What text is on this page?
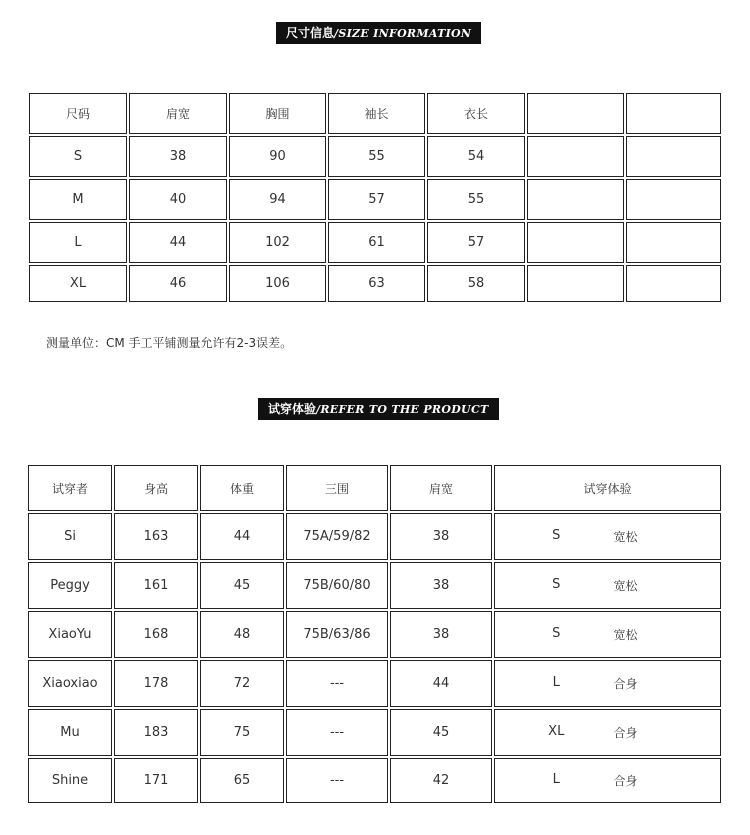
尺寸信息/SIZE INFORMATION
尺码	肩宽	胸围	袖长	衣长
S	38	90	55	54
M	40	94	57	55
L	44	102	61	57
XL	46	106	63	58
测量单位：CM 手工平铺测量允许有2-3误差。
试穿体验/REFER TO THE PRODUCT
试穿者	身高	体重	三围	肩宽	试穿体验
Si	163	44	75A/59/82	38	S	宽松
Peggy	161	45	75B/60/80	38	S	宽松
XiaoYu	168	48	75B/63/86	38	S	宽松
Xiaoxiao	178	72	---	44	L	合身
Mu	183	75	---	45	XL	合身
Shine	171	65	---	42	L	合身
